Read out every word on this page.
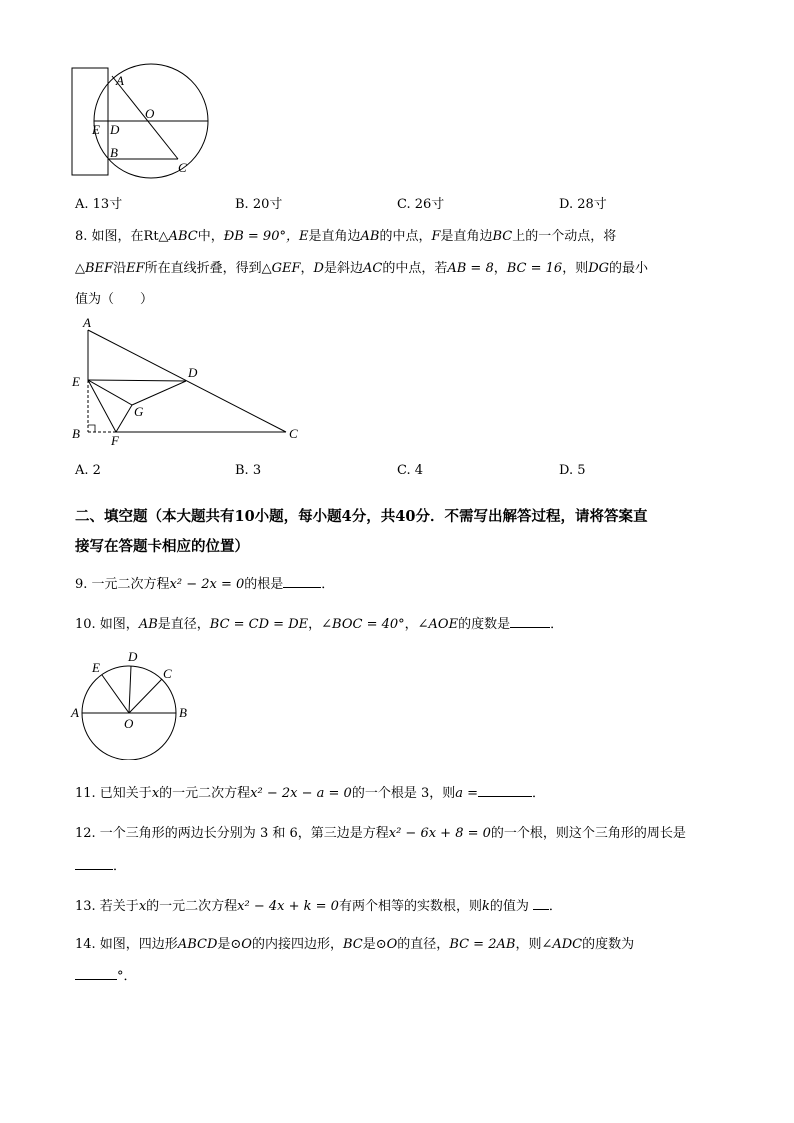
A
O
E D
B
C
A. 13寸	B. 20寸	C. 26寸	D. 28寸
8. 如图，在Rt△ABC中，ÐB = 90°，E是直角边AB的中点，F是直角边BC上的一个动点，将
△BEF沿EF所在直线折叠，得到△GEF，D是斜边AC的中点，若AB = 8，BC = 16，则DG的最小
值为（　　）
A
D
E
G
B F	C
A. 2	B. 3	C. 4	D. 5
二、填空题（本大题共有10小题，每小题4分，共40分．不需写出解答过程，请将答案直
接写在答题卡相应的位置）
9. 一元二次方程x² − 2x = 0的根是	．
10. 如图，AB是直径，BC = CD = DE，∠BOC = 40°，∠AOE的度数是	．
E
D
C
A
O
B
11. 已知关于x的一元二次方程x² − 2x − a = 0的一个根是 3，则a =	．
12. 一个三角形的两边长分别为 3 和 6，第三边是方程x² − 6x + 8 = 0的一个根，则这个三角形的周长是
．
13. 若关于x的一元二次方程x² − 4x + k = 0有两个相等的实数根，则k的值为 ．
14. 如图，四边形ABCD是⊙O的内接四边形，BC是⊙O的直径，BC = 2AB，则∠ADC的度数为
°．
